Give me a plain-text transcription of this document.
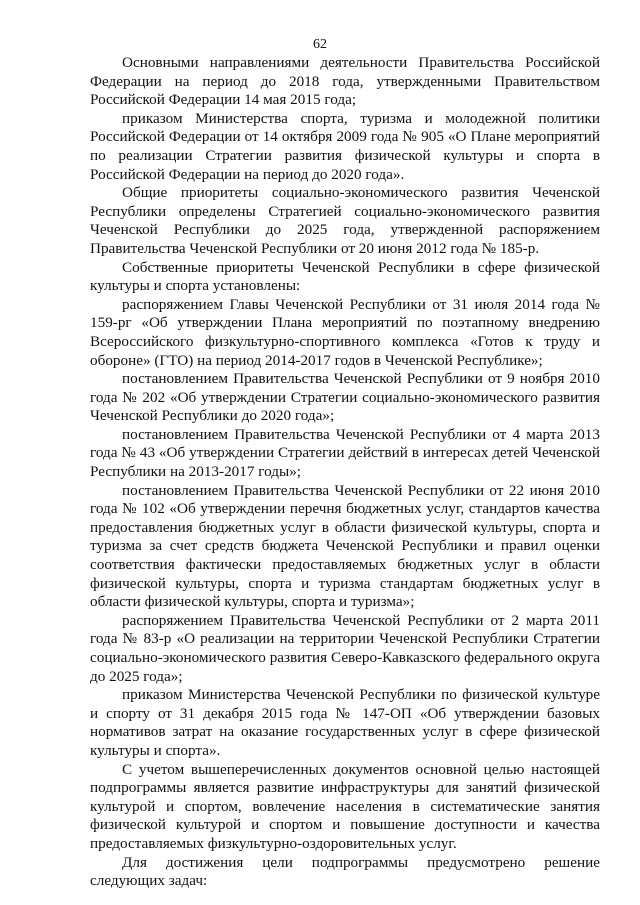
62

Основными направлениями деятельности Правительства Российской Федерации на период до 2018 года, утвержденными Правительством Российской Федерации 14 мая 2015 года;

приказом Министерства спорта, туризма и молодежной политики Российской Федерации от 14 октября 2009 года № 905 «О Плане мероприятий по реализации Стратегии развития физической культуры и спорта в Российской Федерации на период до 2020 года».

Общие приоритеты социально-экономического развития Чеченской Республики определены Стратегией социально-экономического развития Чеченской Республики до 2025 года, утвержденной распоряжением Правительства Чеченской Республики от 20 июня 2012 года № 185-р.

Собственные приоритеты Чеченской Республики в сфере физической культуры и спорта установлены:

распоряжением Главы Чеченской Республики от 31 июля 2014 года № 159-рг «Об утверждении Плана мероприятий по поэтапному внедрению Всероссийского физкультурно-спортивного комплекса «Готов к труду и обороне» (ГТО) на период 2014-2017 годов в Чеченской Республике»;

постановлением Правительства Чеченской Республики от 9 ноября 2010 года № 202 «Об утверждении Стратегии социально-экономического развития Чеченской Республики до 2020 года»;

постановлением Правительства Чеченской Республики от 4 марта 2013 года № 43 «Об утверждении Стратегии действий в интересах детей Чеченской Республики на 2013-2017 годы»;

постановлением Правительства Чеченской Республики от 22 июня 2010 года № 102 «Об утверждении перечня бюджетных услуг, стандартов качества предоставления бюджетных услуг в области физической культуры, спорта и туризма за счет средств бюджета Чеченской Республики и правил оценки соответствия фактически предоставляемых бюджетных услуг в области физической культуры, спорта и туризма стандартам бюджетных услуг в области физической культуры, спорта и туризма»;

распоряжением Правительства Чеченской Республики от 2 марта 2011 года № 83-р «О реализации на территории Чеченской Республики Стратегии социально-экономического развития Северо-Кавказского федерального округа до 2025 года»;

приказом Министерства Чеченской Республики по физической культуре и спорту от 31 декабря 2015 года № 147-ОП «Об утверждении базовых нормативов затрат на оказание государственных услуг в сфере физической культуры и спорта».

С учетом вышеперечисленных документов основной целью настоящей подпрограммы является развитие инфраструктуры для занятий физической культурой и спортом, вовлечение населения в систематические занятия физической культурой и спортом и повышение доступности и качества предоставляемых физкультурно-оздоровительных услуг.

Для достижения цели подпрограммы предусмотрено решение следующих задач:
